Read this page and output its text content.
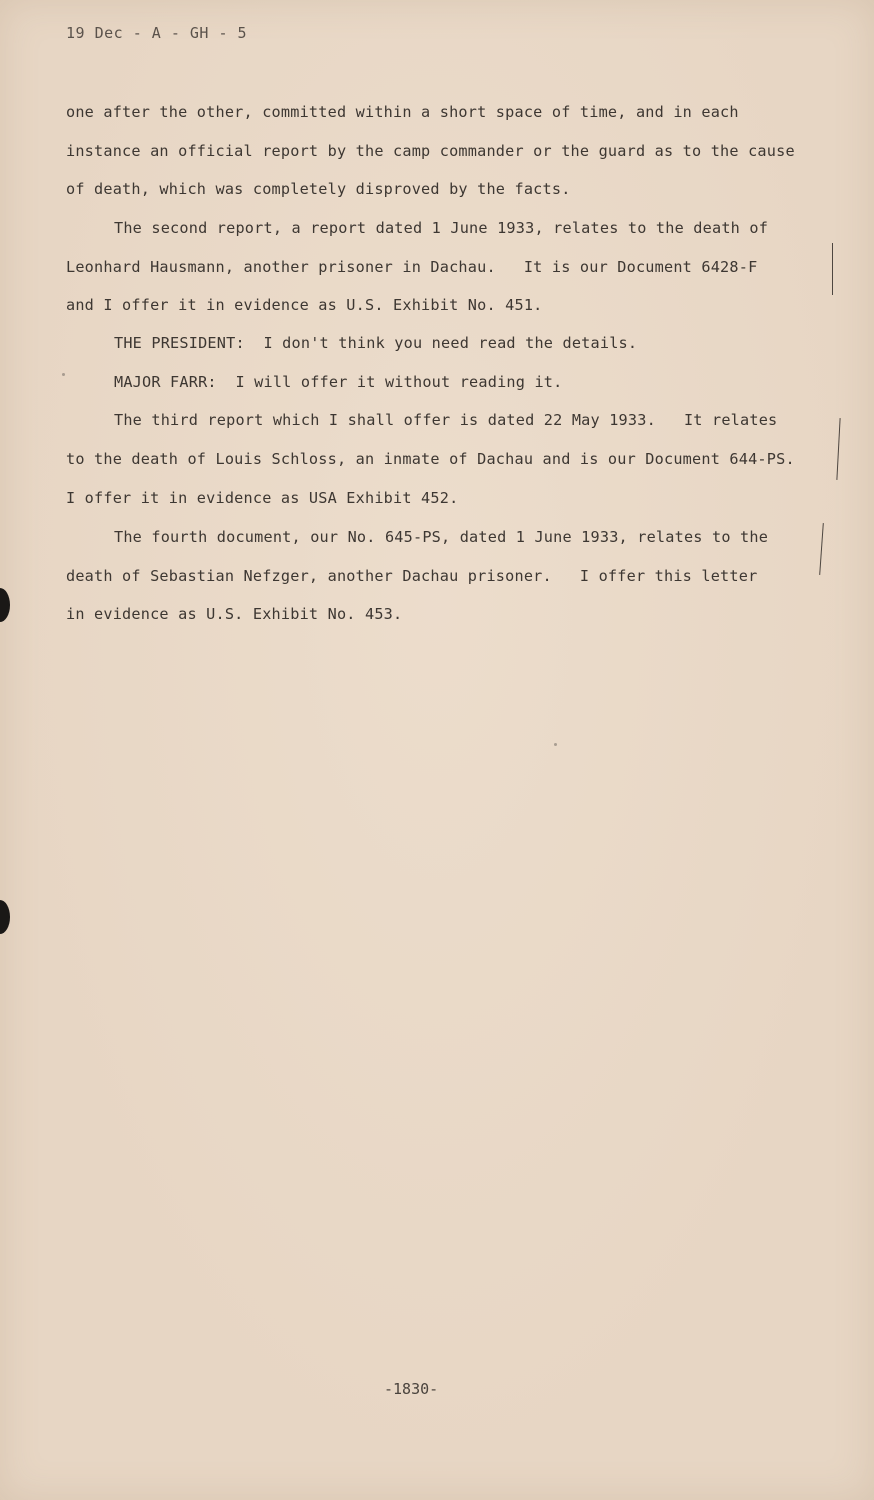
19 Dec - A - GH - 5
one after the other, committed within a short space of time, and in each
instance an official report by the camp commander or the guard as to the cause
of death, which was completely disproved by the facts.
The second report, a report dated 1 June 1933, relates to the death of
Leonhard Hausmann, another prisoner in Dachau.   It is our Document 6428-F
and I offer it in evidence as U.S. Exhibit No. 451.
THE PRESIDENT:  I don't think you need read the details.
MAJOR FARR:  I will offer it without reading it.
The third report which I shall offer is dated 22 May 1933.   It relates
to the death of Louis Schloss, an inmate of Dachau and is our Document 644-PS.
I offer it in evidence as USA Exhibit 452.
The fourth document, our No. 645-PS, dated 1 June 1933, relates to the
death of Sebastian Nefzger, another Dachau prisoner.   I offer this letter
in evidence as U.S. Exhibit No. 453.
-1830-
